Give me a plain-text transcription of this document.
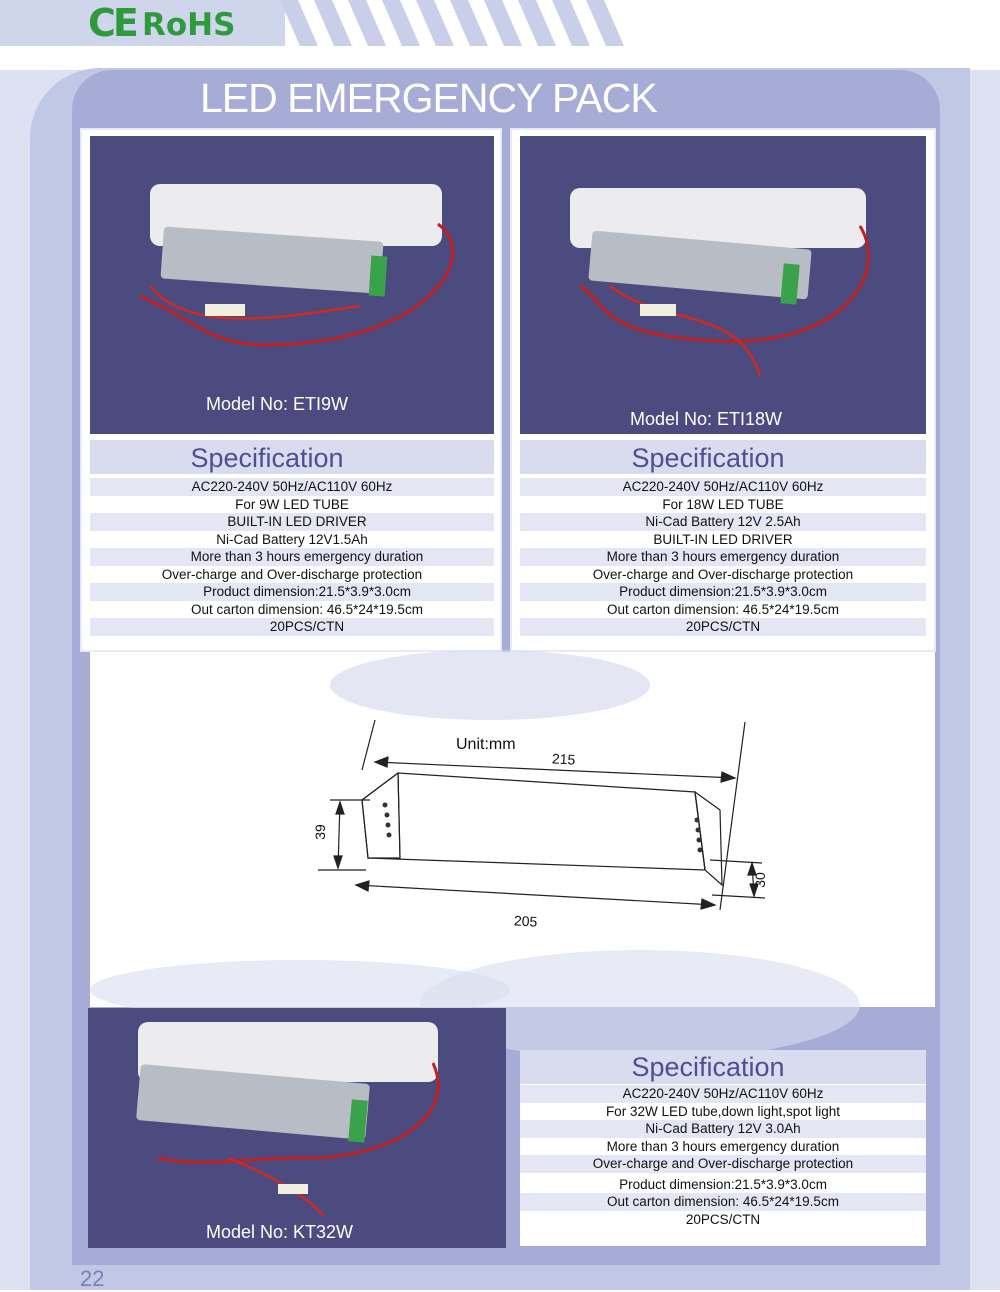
CE RoHS
LED EMERGENCY PACK
Model No: ETI9W
Specification
AC220-240V 50Hz/AC110V 60Hz
For 9W LED TUBE
BUILT-IN LED DRIVER
Ni-Cad Battery 12V1.5Ah
More than 3 hours emergency duration
Over-charge and Over-discharge protection
Product dimension:21.5*3.9*3.0cm
Out carton dimension: 46.5*24*19.5cm
20PCS/CTN
Model No: ETI18W
Specification
AC220-240V 50Hz/AC110V 60Hz
For 18W LED TUBE
Ni-Cad Battery 12V 2.5Ah
BUILT-IN LED DRIVER
More than 3 hours emergency duration
Over-charge and Over-discharge protection
Product dimension:21.5*3.9*3.0cm
Out carton dimension: 46.5*24*19.5cm
20PCS/CTN
Unit:mm
215
205
39
30
Model No: KT32W
Specification
AC220-240V 50Hz/AC110V 60Hz
For 32W LED tube,down light,spot light
Ni-Cad Battery 12V 3.0Ah
More than 3 hours emergency duration
Over-charge and Over-discharge protection
Product dimension:21.5*3.9*3.0cm
Out carton dimension: 46.5*24*19.5cm
20PCS/CTN
22
